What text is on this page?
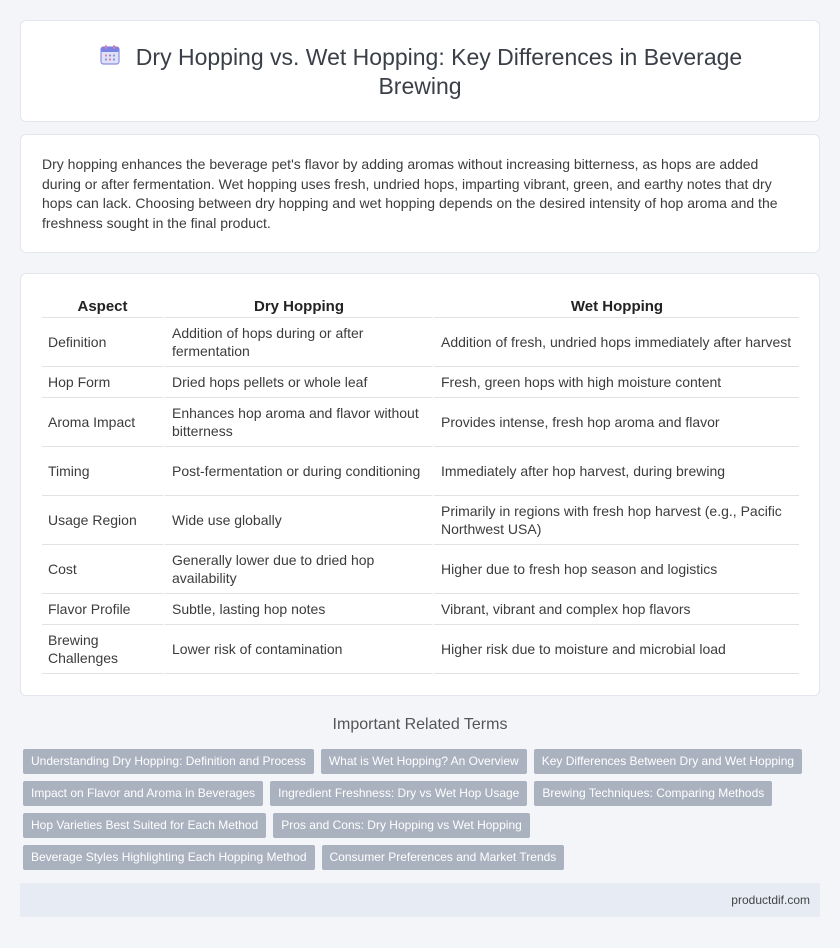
Dry Hopping vs. Wet Hopping: Key Differences in Beverage Brewing

Dry hopping enhances the beverage pet's flavor by adding aromas without increasing bitterness, as hops are added during or after fermentation. Wet hopping uses fresh, undried hops, imparting vibrant, green, and earthy notes that dry hops can lack. Choosing between dry hopping and wet hopping depends on the desired intensity of hop aroma and the freshness sought in the final product.

Aspect	Dry Hopping	Wet Hopping
Definition	Addition of hops during or after fermentation	Addition of fresh, undried hops immediately after harvest
Hop Form	Dried hops pellets or whole leaf	Fresh, green hops with high moisture content
Aroma Impact	Enhances hop aroma and flavor without bitterness	Provides intense, fresh hop aroma and flavor
Timing	Post-fermentation or during conditioning	Immediately after hop harvest, during brewing
Usage Region	Wide use globally	Primarily in regions with fresh hop harvest (e.g., Pacific Northwest USA)
Cost	Generally lower due to dried hop availability	Higher due to fresh hop season and logistics
Flavor Profile	Subtle, lasting hop notes	Vibrant, vibrant and complex hop flavors
Brewing Challenges	Lower risk of contamination	Higher risk due to moisture and microbial load
Important Related Terms
Understanding Dry Hopping: Definition and Process	What is Wet Hopping? An Overview	Key Differences Between Dry and Wet Hopping
Impact on Flavor and Aroma in Beverages	Ingredient Freshness: Dry vs Wet Hop Usage	Brewing Techniques: Comparing Methods
Hop Varieties Best Suited for Each Method	Pros and Cons: Dry Hopping vs Wet Hopping
Beverage Styles Highlighting Each Hopping Method	Consumer Preferences and Market Trends
productdif.com
